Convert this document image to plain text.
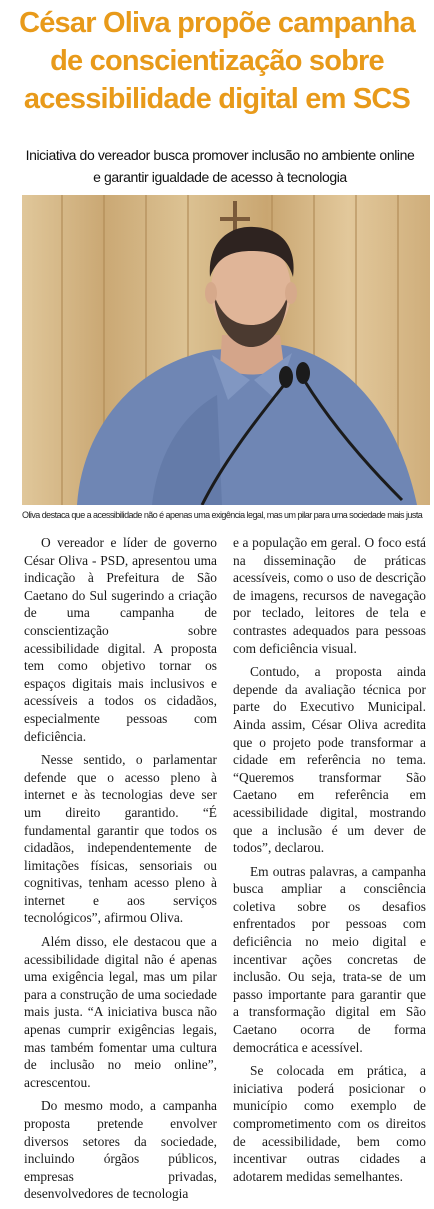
César Oliva propõe campanha de conscientização sobre acessibilidade digital em SCS

Iniciativa do vereador busca promover inclusão no ambiente online e garantir igualdade de acesso à tecnologia

Oliva destaca que a acessibilidade não é apenas uma exigência legal, mas um pilar para uma sociedade mais justa

O vereador e líder de governo César Oliva - PSD, apresentou uma indicação à Prefeitura de São Caetano do Sul sugerindo a criação de uma campanha de conscientização sobre acessibilidade digital. A proposta tem como objetivo tornar os espaços digitais mais inclusivos e acessíveis a todos os cidadãos, especialmente pessoas com deficiência.

Nesse sentido, o parlamentar defende que o acesso pleno à internet e às tecnologias deve ser um direito garantido. “É fundamental garantir que todos os cidadãos, independentemente de limitações físicas, sensoriais ou cognitivas, tenham acesso pleno à internet e aos serviços tecnológicos”, afirmou Oliva.

Além disso, ele destacou que a acessibilidade digital não é apenas uma exigência legal, mas um pilar para a construção de uma sociedade mais justa. “A iniciativa busca não apenas cumprir exigências legais, mas também fomentar uma cultura de inclusão no meio online”, acrescentou.

Do mesmo modo, a campanha proposta pretende envolver diversos setores da sociedade, incluindo órgãos públicos, empresas privadas, desenvolvedores de tecnologia

e a população em geral. O foco está na disseminação de práticas acessíveis, como o uso de descrição de imagens, recursos de navegação por teclado, leitores de tela e contrastes adequados para pessoas com deficiência visual.

Contudo, a proposta ainda depende da avaliação técnica por parte do Executivo Municipal. Ainda assim, César Oliva acredita que o projeto pode transformar a cidade em referência no tema. “Queremos transformar São Caetano em referência em acessibilidade digital, mostrando que a inclusão é um dever de todos”, declarou.

Em outras palavras, a campanha busca ampliar a consciência coletiva sobre os desafios enfrentados por pessoas com deficiência no meio digital e incentivar ações concretas de inclusão. Ou seja, trata-se de um passo importante para garantir que a transformação digital em São Caetano ocorra de forma democrática e acessível.

Se colocada em prática, a iniciativa poderá posicionar o município como exemplo de comprometimento com os direitos de acessibilidade, bem como incentivar outras cidades a adotarem medidas semelhantes.
